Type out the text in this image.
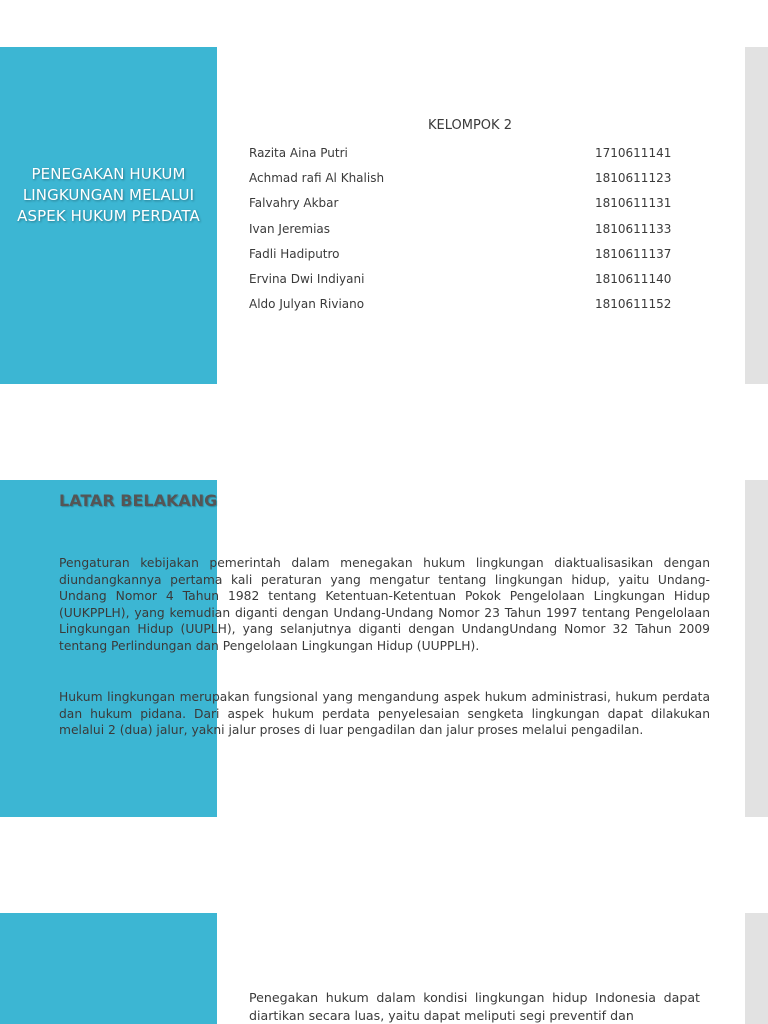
PENEGAKAN HUKUM LINGKUNGAN MELALUI ASPEK HUKUM PERDATA
KELOMPOK 2
Razita Aina Putri	1710611141
Achmad rafi Al Khalish	1810611123
Falvahry Akbar	1810611131
Ivan Jeremias	1810611133
Fadli Hadiputro	1810611137
Ervina Dwi Indiyani	1810611140
Aldo Julyan Riviano	1810611152
LATAR BELAKANG

Pengaturan kebijakan pemerintah dalam menegakan hukum lingkungan diaktualisasikan dengan diundangkannya pertama kali peraturan yang mengatur tentang lingkungan hidup, yaitu Undang-Undang Nomor 4 Tahun 1982 tentang Ketentuan-Ketentuan Pokok Pengelolaan Lingkungan Hidup (UUKPPLH), yang kemudian diganti dengan Undang-Undang Nomor 23 Tahun 1997 tentang Pengelolaan Lingkungan Hidup (UUPLH), yang selanjutnya diganti dengan UndangUndang Nomor 32 Tahun 2009 tentang Perlindungan dan Pengelolaan Lingkungan Hidup (UUPPLH).

Hukum lingkungan merupakan fungsional yang mengandung aspek hukum administrasi, hukum perdata dan hukum pidana. Dari aspek hukum perdata penyelesaian sengketa lingkungan dapat dilakukan melalui 2 (dua) jalur, yakni jalur proses di luar pengadilan dan jalur proses melalui pengadilan.

Penegakan hukum dalam kondisi lingkungan hidup Indonesia dapat diartikan secara luas, yaitu dapat meliputi segi preventif dan
